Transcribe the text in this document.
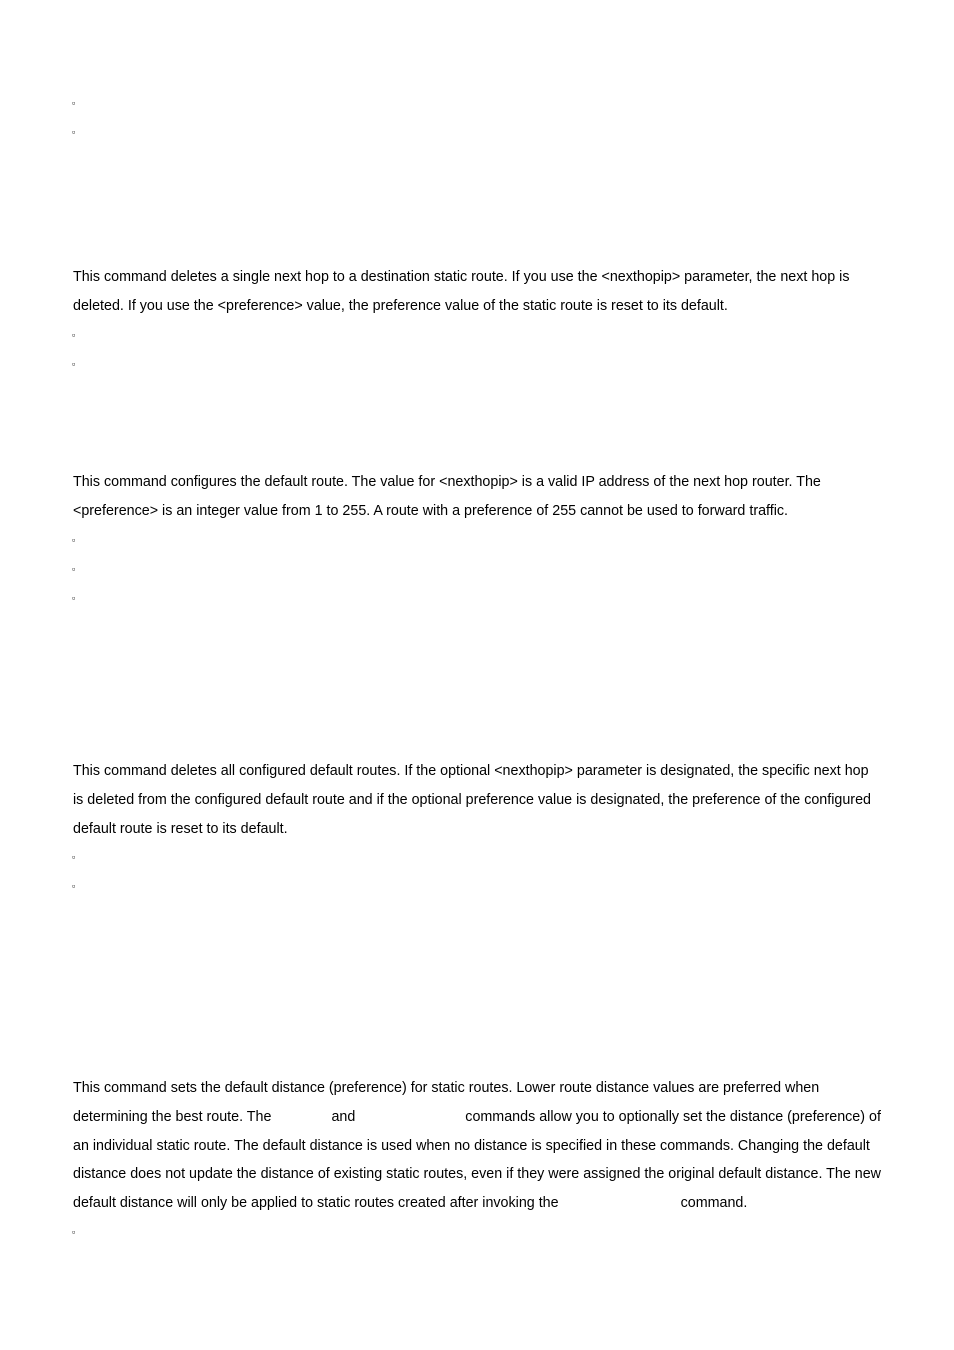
▫
▫
This command deletes a single next hop to a destination static route. If you use the <nexthopip> parameter, the next hop is
deleted. If you use the <preference> value, the preference value of the static route is reset to its default.
▫
▫
This command configures the default route. The value for <nexthopip> is a valid IP address of the next hop router. The
<preference> is an integer value from 1 to 255. A route with a preference of 255 cannot be used to forward traffic.
▫
▫
▫
This command deletes all configured default routes. If the optional <nexthopip> parameter is designated, the specific next hop
is deleted from the configured default route and if the optional preference value is designated, the preference of the configured
default route is reset to its default.
▫
▫
This command sets the default distance (preference) for static routes. Lower route distance values are preferred when
determining the best route. The	and	commands allow you to optionally set the distance (preference) of
an individual static route. The default distance is used when no distance is specified in these commands. Changing the default
distance does not update the distance of existing static routes, even if they were assigned the original default distance. The new
default distance will only be applied to static routes created after invoking the	command.
▫
